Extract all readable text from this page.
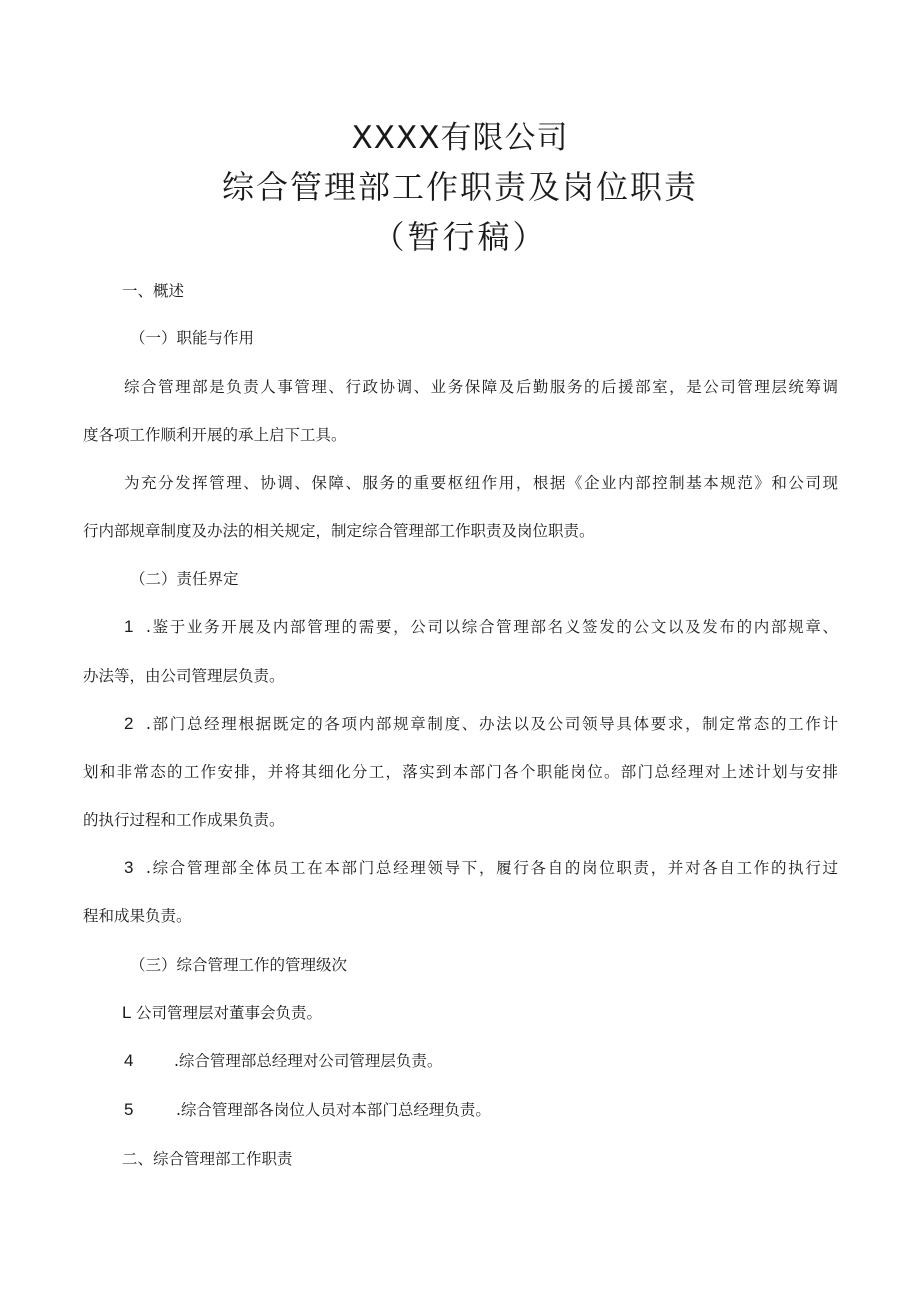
XXXX有限公司
综合管理部工作职责及岗位职责
（暂行稿）

一、概述

（一）职能与作用

综合管理部是负责人事管理、行政协调、业务保障及后勤服务的后援部室，是公司管理层统筹调

度各项工作顺利开展的承上启下工具。

为充分发挥管理、协调、保障、服务的重要枢纽作用，根据《企业内部控制基本规范》和公司现

行内部规章制度及办法的相关规定，制定综合管理部工作职责及岗位职责。

（二）责任界定

1 .鉴于业务开展及内部管理的需要，公司以综合管理部名义签发的公文以及发布的内部规章、

办法等，由公司管理层负责。

2 .部门总经理根据既定的各项内部规章制度、办法以及公司领导具体要求，制定常态的工作计

划和非常态的工作安排，并将其细化分工，落实到本部门各个职能岗位。部门总经理对上述计划与安排

的执行过程和工作成果负责。

3 .综合管理部全体员工在本部门总经理领导下，履行各自的岗位职责，并对各自工作的执行过

程和成果负责。

（三）综合管理工作的管理级次

L 公司管理层对董事会负责。

4	.综合管理部总经理对公司管理层负责。

5	.综合管理部各岗位人员对本部门总经理负责。

二、综合管理部工作职责
